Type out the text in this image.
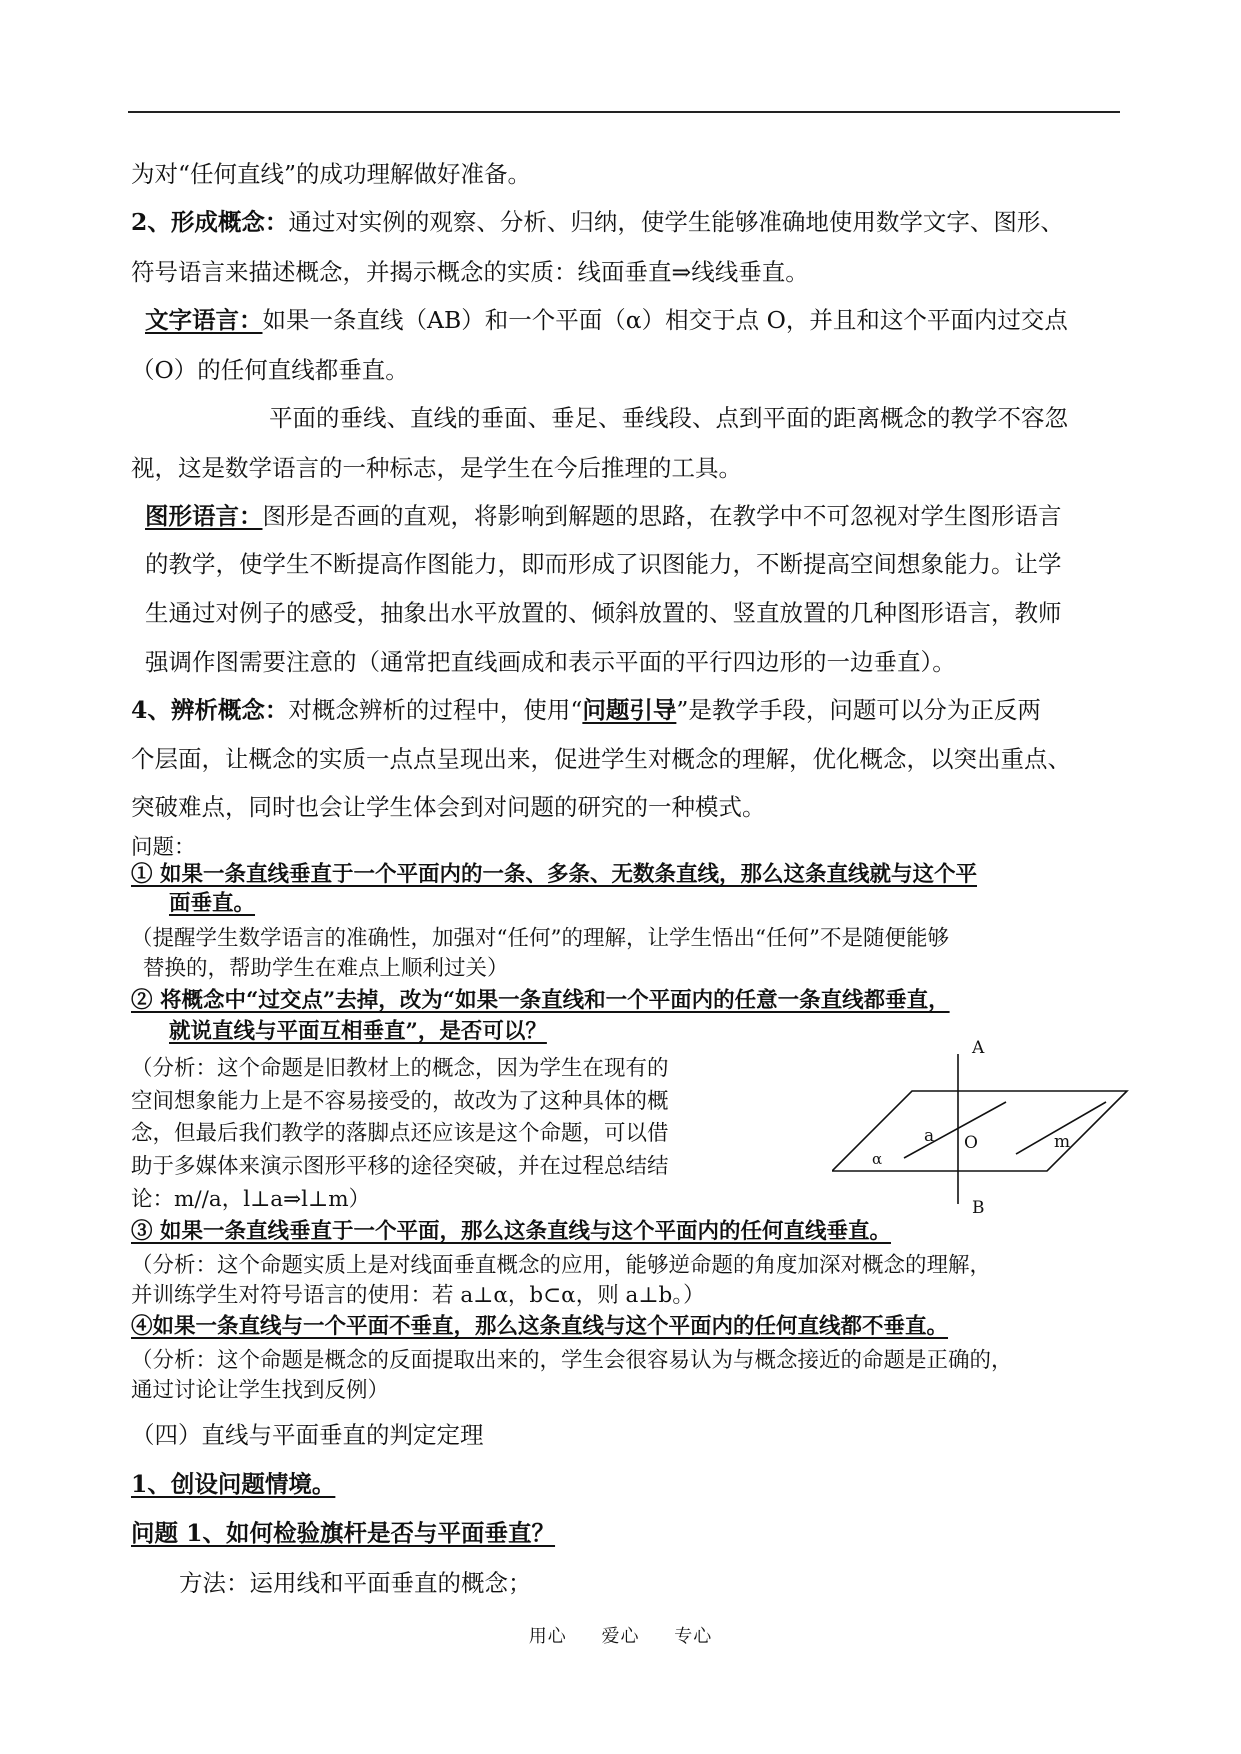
为对“任何直线”的成功理解做好准备。
2、形成概念：通过对实例的观察、分析、归纳，使学生能够准确地使用数学文字、图形、
符号语言来描述概念，并揭示概念的实质：线面垂直⇒线线垂直。
文字语言：如果一条直线（AB）和一个平面（α）相交于点 O，并且和这个平面内过交点
（O）的任何直线都垂直。
平面的垂线、直线的垂面、垂足、垂线段、点到平面的距离概念的教学不容忽
视，这是数学语言的一种标志，是学生在今后推理的工具。
图形语言：图形是否画的直观，将影响到解题的思路，在教学中不可忽视对学生图形语言
的教学，使学生不断提高作图能力，即而形成了识图能力，不断提高空间想象能力。让学
生通过对例子的感受，抽象出水平放置的、倾斜放置的、竖直放置的几种图形语言，教师
强调作图需要注意的（通常把直线画成和表示平面的平行四边形的一边垂直）。
4、辨析概念：对概念辨析的过程中，使用“问题引导”是教学手段，问题可以分为正反两
个层面，让概念的实质一点点呈现出来，促进学生对概念的理解，优化概念，以突出重点、
突破难点，同时也会让学生体会到对问题的研究的一种模式。
问题：
① 如果一条直线垂直于一个平面内的一条、多条、无数条直线，那么这条直线就与这个平
面垂直。
（提醒学生数学语言的准确性，加强对“任何”的理解，让学生悟出“任何”不是随便能够
替换的，帮助学生在难点上顺利过关）
② 将概念中“过交点”去掉，改为“如果一条直线和一个平面内的任意一条直线都垂直，
就说直线与平面互相垂直”，是否可以？
（分析：这个命题是旧教材上的概念，因为学生在现有的
空间想象能力上是不容易接受的，故改为了这种具体的概
念，但最后我们教学的落脚点还应该是这个命题，可以借
助于多媒体来演示图形平移的途径突破，并在过程总结结
论：m//a，l⊥a⇒l⊥m）
③ 如果一条直线垂直于一个平面，那么这条直线与这个平面内的任何直线垂直。
（分析：这个命题实质上是对线面垂直概念的应用，能够逆命题的角度加深对概念的理解，
并训练学生对符号语言的使用：若 a⊥α，b⊂α，则 a⊥b。）
④如果一条直线与一个平面不垂直，那么这条直线与这个平面内的任何直线都不垂直。
（分析：这个命题是概念的反面提取出来的，学生会很容易认为与概念接近的命题是正确的，
通过讨论让学生找到反例）
（四）直线与平面垂直的判定定理
1、创设问题情境。
问题 1、如何检验旗杆是否与平面垂直？
方法：运用线和平面垂直的概念；
A
B
O
a	m
α
用心 爱心 专心
